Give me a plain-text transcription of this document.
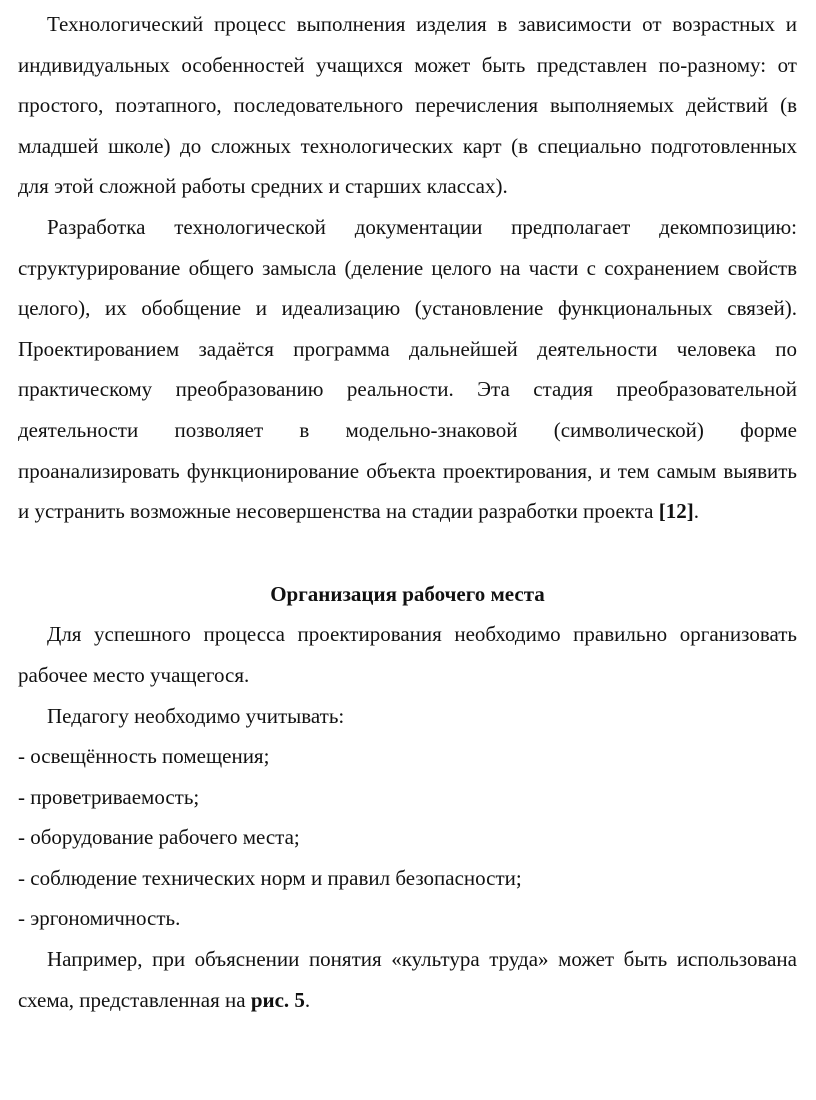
Технологический процесс выполнения изделия в зависимости от возрастных и индивидуальных особенностей учащихся может быть представлен по-разному: от простого, поэтапного, последовательного перечисления выполняемых действий (в младшей школе) до сложных технологических карт (в специально подготовленных для этой сложной работы средних и старших классах).

Разработка технологической документации предполагает декомпозицию: структурирование общего замысла (деление целого на части с сохранением свойств целого), их обобщение и идеализацию (установление функциональных связей). Проектированием задаётся программа дальнейшей деятельности человека по практическому преобразованию реальности. Эта стадия преобразовательной деятельности позволяет в модельно-знаковой (символической) форме проанализировать функционирование объекта проектирования, и тем самым выявить и устранить возможные несовершенства на стадии разработки проекта [12].

Организация рабочего места

Для успешного процесса проектирования необходимо правильно организовать рабочее место учащегося.

Педагогу необходимо учитывать:

- освещённость помещения;

- проветриваемость;

- оборудование рабочего места;

- соблюдение технических норм и правил безопасности;

- эргономичность.

Например, при объяснении понятия «культура труда» может быть использована схема, представленная на рис. 5.
